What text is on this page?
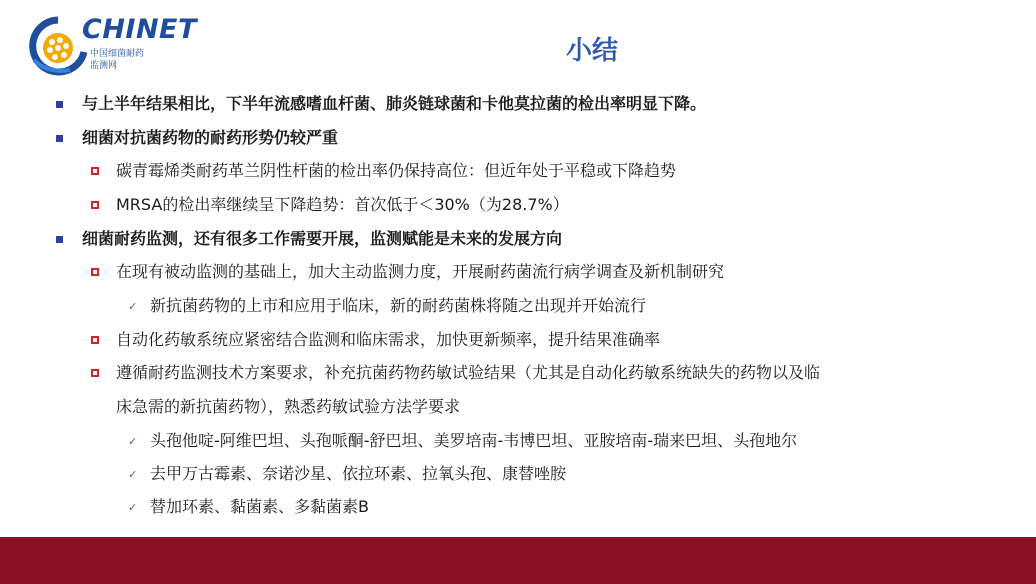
CHINET
中国细菌耐药
监测网	小结
与上半年结果相比，下半年流感嗜血杆菌、肺炎链球菌和卡他莫拉菌的检出率明显下降。
细菌对抗菌药物的耐药形势仍较严重
碳青霉烯类耐药革兰阴性杆菌的检出率仍保持高位：但近年处于平稳或下降趋势
MRSA的检出率继续呈下降趋势：首次低于＜30%（为28.7%）
细菌耐药监测，还有很多工作需要开展，监测赋能是未来的发展方向
在现有被动监测的基础上，加大主动监测力度，开展耐药菌流行病学调查及新机制研究
✓ 新抗菌药物的上市和应用于临床，新的耐药菌株将随之出现并开始流行
自动化药敏系统应紧密结合监测和临床需求，加快更新频率，提升结果准确率
遵循耐药监测技术方案要求，补充抗菌药物药敏试验结果（尤其是自动化药敏系统缺失的药物以及临
床急需的新抗菌药物），熟悉药敏试验方法学要求
✓ 头孢他啶-阿维巴坦、头孢哌酮-舒巴坦、美罗培南-韦博巴坦、亚胺培南-瑞来巴坦、头孢地尔
✓ 去甲万古霉素、奈诺沙星、依拉环素、拉氧头孢、康替唑胺
✓ 替加环素、黏菌素、多黏菌素B
